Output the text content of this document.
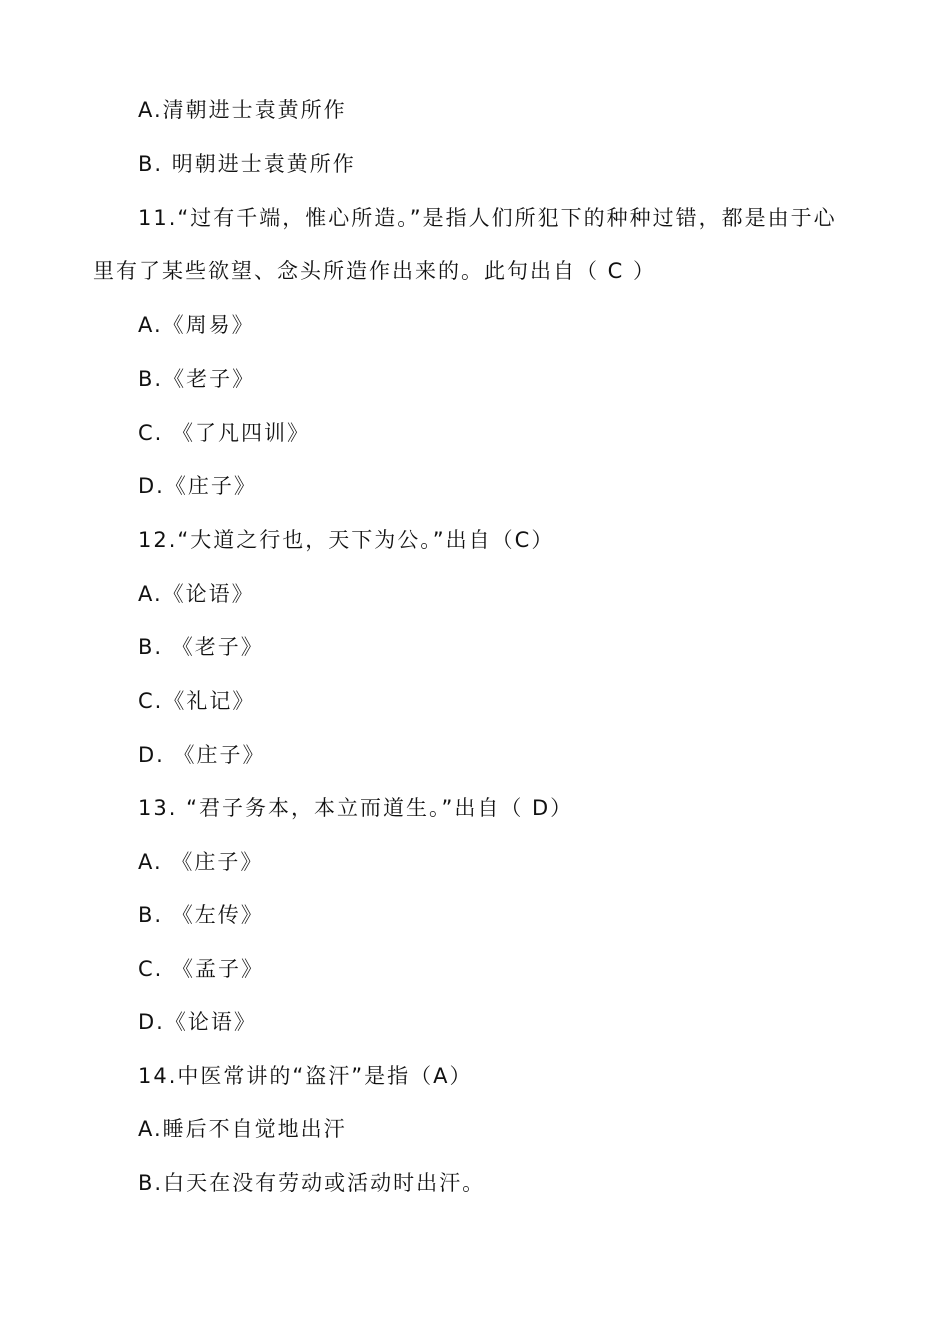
A.清朝进士袁黄所作
B. 明朝进士袁黄所作
11.“过有千端，惟心所造。”是指人们所犯下的种种过错，都是由于心
里有了某些欲望、念头所造作出来的。此句出自（ C ）
A.《周易》
B.《老子》
C. 《了凡四训》
D.《庄子》
12.“大道之行也，天下为公。”出自（C）
A.《论语》
B. 《老子》
C.《礼记》
D. 《庄子》
13. “君子务本，本立而道生。”出自（ D）
A. 《庄子》
B. 《左传》
C. 《孟子》
D.《论语》
14.中医常讲的“盗汗”是指（A）
A.睡后不自觉地出汗
B.白天在没有劳动或活动时出汗。
